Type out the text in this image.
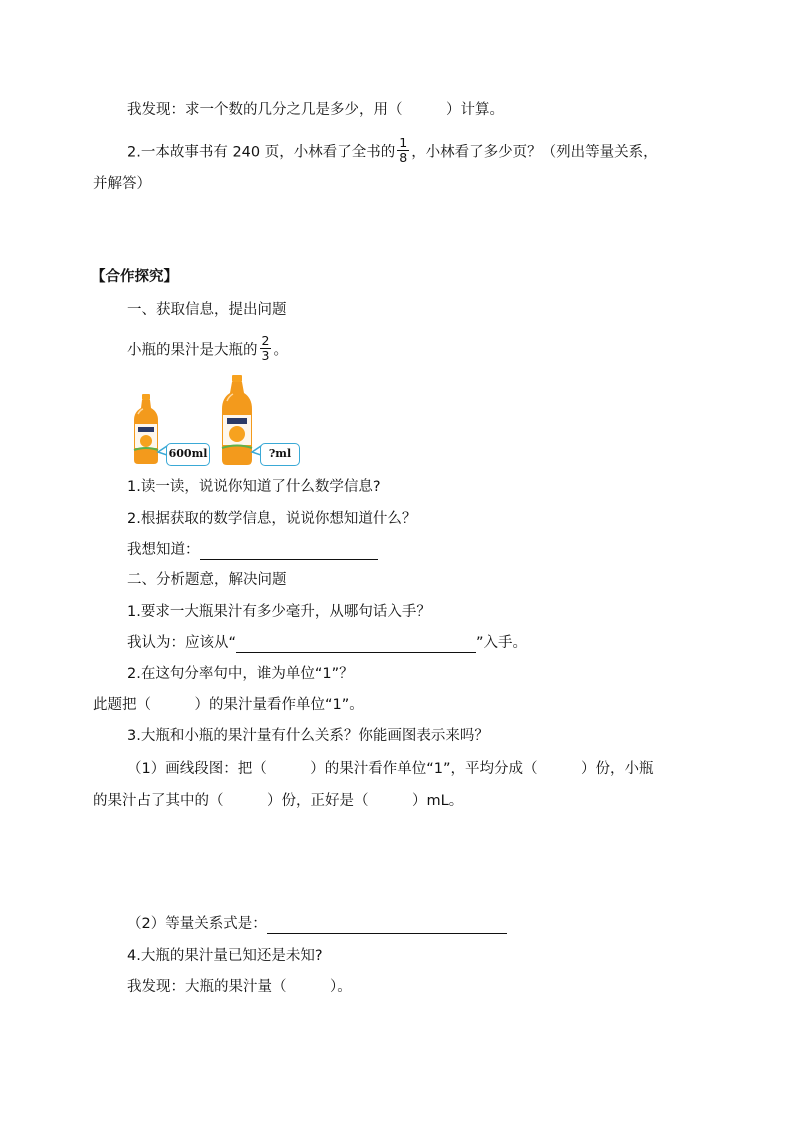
我发现：求一个数的几分之几是多少，用（　　　）计算。
2.一本故事书有 240 页，小林看了全书的 $\frac{1}{8}$ ，小林看了多少页？（列出等量关系，
并解答）
【合作探究】
一、获取信息，提出问题
小瓶的果汁是大瓶的 $\frac{2}{3}$ 。
600ml	?ml
1.读一读，说说你知道了什么数学信息?
2.根据获取的数学信息，说说你想知道什么？
我想知道：
二、分析题意，解决问题
1.要求一大瓶果汁有多少毫升，从哪句话入手？
我认为：应该从“	”入手。
2.在这句分率句中，谁为单位“1”？
此题把（　　　）的果汁量看作单位“1”。
3.大瓶和小瓶的果汁量有什么关系？你能画图表示来吗？
（1）画线段图：把（　　　）的果汁看作单位“1”，平均分成（　　　）份，小瓶
的果汁占了其中的（　　　）份，正好是（　　　）mL。
（2）等量关系式是：
4.大瓶的果汁量已知还是未知?
我发现：大瓶的果汁量（　　　）。
